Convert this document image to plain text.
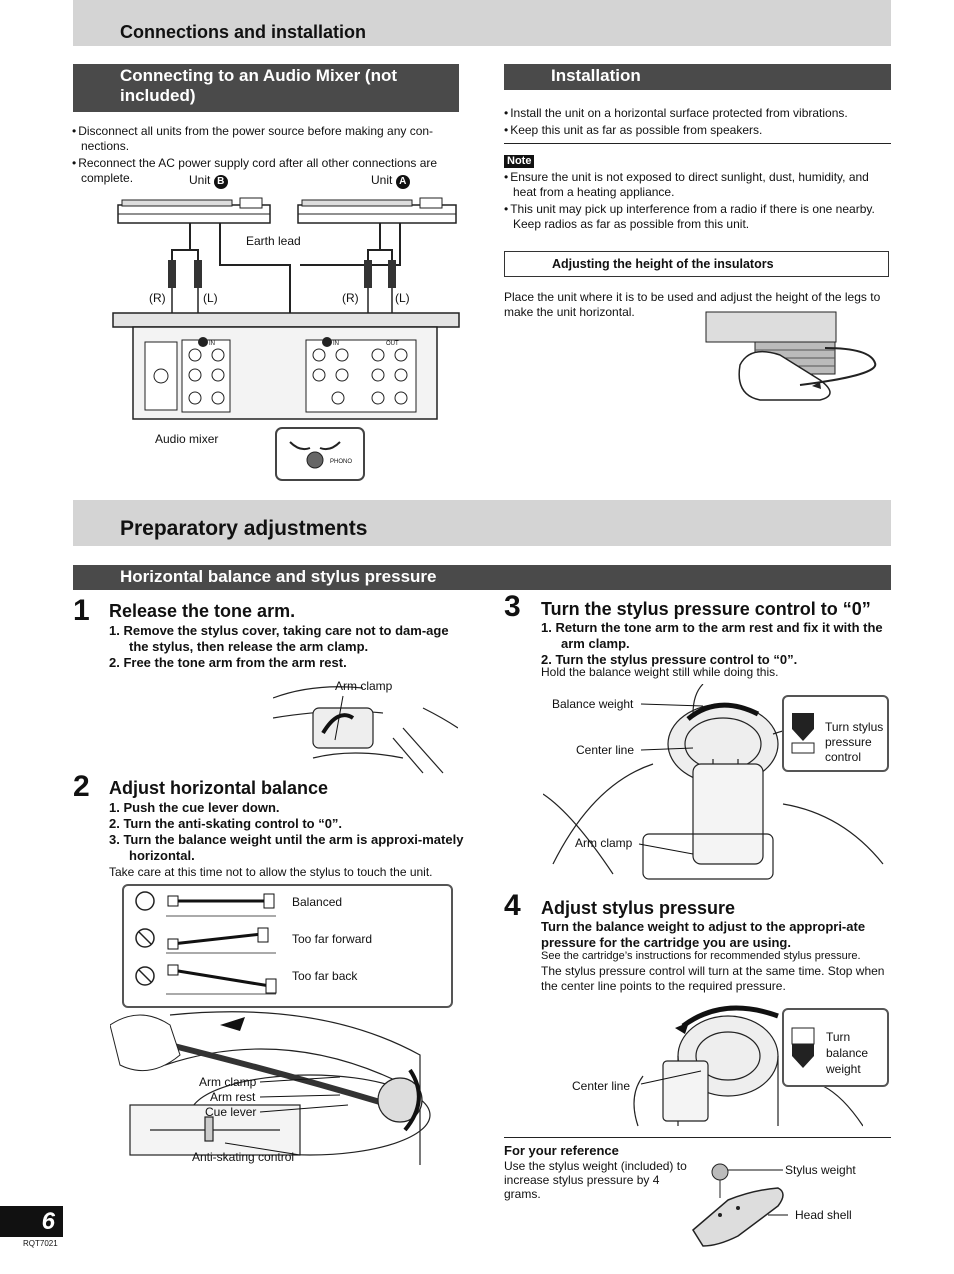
Connections and installation
Connecting to an Audio Mixer (not included)

• Disconnect all units from the power source before making any con-nections.

• Reconnect the AC power supply cord after all other connections are complete.	Unit B	Unit A
Earth lead
(R)	(L)	(R)	(L)
Audio mixer
IN	IN	OUT
PHONO
Installation

• Install the unit on a horizontal surface protected from vibrations.

• Keep this unit as far as possible from speakers.

Note

• Ensure the unit is not exposed to direct sunlight, dust, humidity, and heat from a heating appliance.

• This unit may pick up interference from a radio if there is one nearby. Keep radios as far as possible from this unit.

Adjusting the height of the insulators
Place the unit where it is to be used and adjust the height of the legs to make the unit horizontal.
Preparatory adjustments
Horizontal balance and stylus pressure
1 Release the tone arm.

1. Remove the stylus cover, taking care not to dam-age the stylus, then release the arm clamp.

2. Free the tone arm from the arm rest.

Arm clamp
2 Adjust horizontal balance

1. Push the cue lever down.

2. Turn the anti-skating control to “0”.

3. Turn the balance weight until the arm is approxi-mately horizontal.

Take care at this time not to allow the stylus to touch the unit.
Balanced
Too far forward
Too far back
Arm clamp
Arm rest
Cue lever
Anti-skating control
3 Turn the stylus pressure control to “0”

1. Return the tone arm to the arm rest and fix it with the arm clamp.

2. Turn the stylus pressure control to “0”.

Hold the balance weight still while doing this.
Turn stylus pressure control
Balance weight
Center line
Arm clamp
4 Adjust stylus pressure

Turn the balance weight to adjust to the appropri-ate pressure for the cartridge you are using.

See the cartridge’s instructions for recommended stylus pressure.
The stylus pressure control will turn at the same time. Stop when the center line points to the required pressure.
Turn balance weight
Center line
For your reference
Use the stylus weight (included) to increase stylus pressure by 4 grams.
Stylus weight
Head shell
6
RQT7021
